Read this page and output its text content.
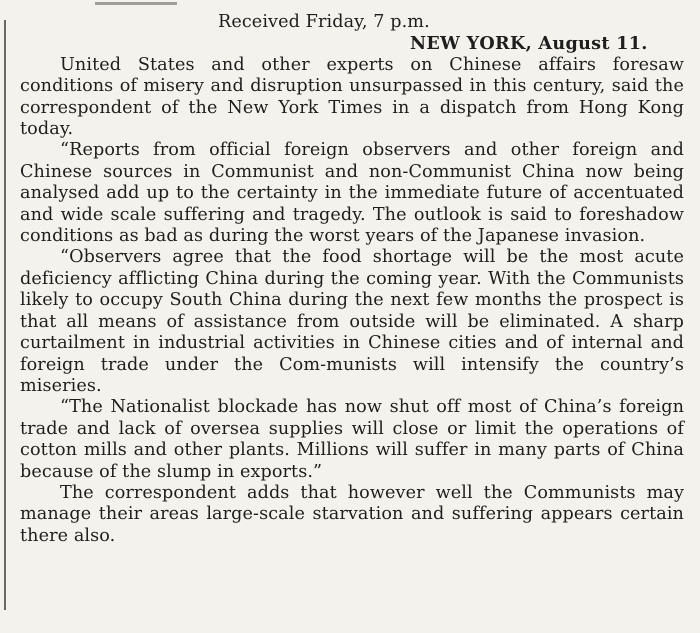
Received Friday, 7 p.m.

NEW YORK, August 11.

United States and other experts on Chinese affairs foresaw conditions of misery and disruption unsurpassed in this century, said the correspondent of the New York Times in a dispatch from Hong Kong today.

“Reports from official foreign observers and other foreign and Chinese sources in Communist and non-Communist China now being analysed add up to the certainty in the immediate future of accentuated and wide scale suffering and tragedy. The outlook is said to foreshadow conditions as bad as during the worst years of the Japanese invasion.

“Observers agree that the food shortage will be the most acute deficiency afflicting China during the coming year. With the Communists likely to occupy South China during the next few months the prospect is that all means of assistance from outside will be eliminated. A sharp curtailment in industrial activities in Chinese cities and of internal and foreign trade under the Com-munists will intensify the country’s miseries.

“The Nationalist blockade has now shut off most of China’s foreign trade and lack of oversea supplies will close or limit the operations of cotton mills and other plants. Millions will suffer in many parts of China because of the slump in exports.”

The correspondent adds that however well the Communists may manage their areas large-scale starvation and suffering appears certain there also.
